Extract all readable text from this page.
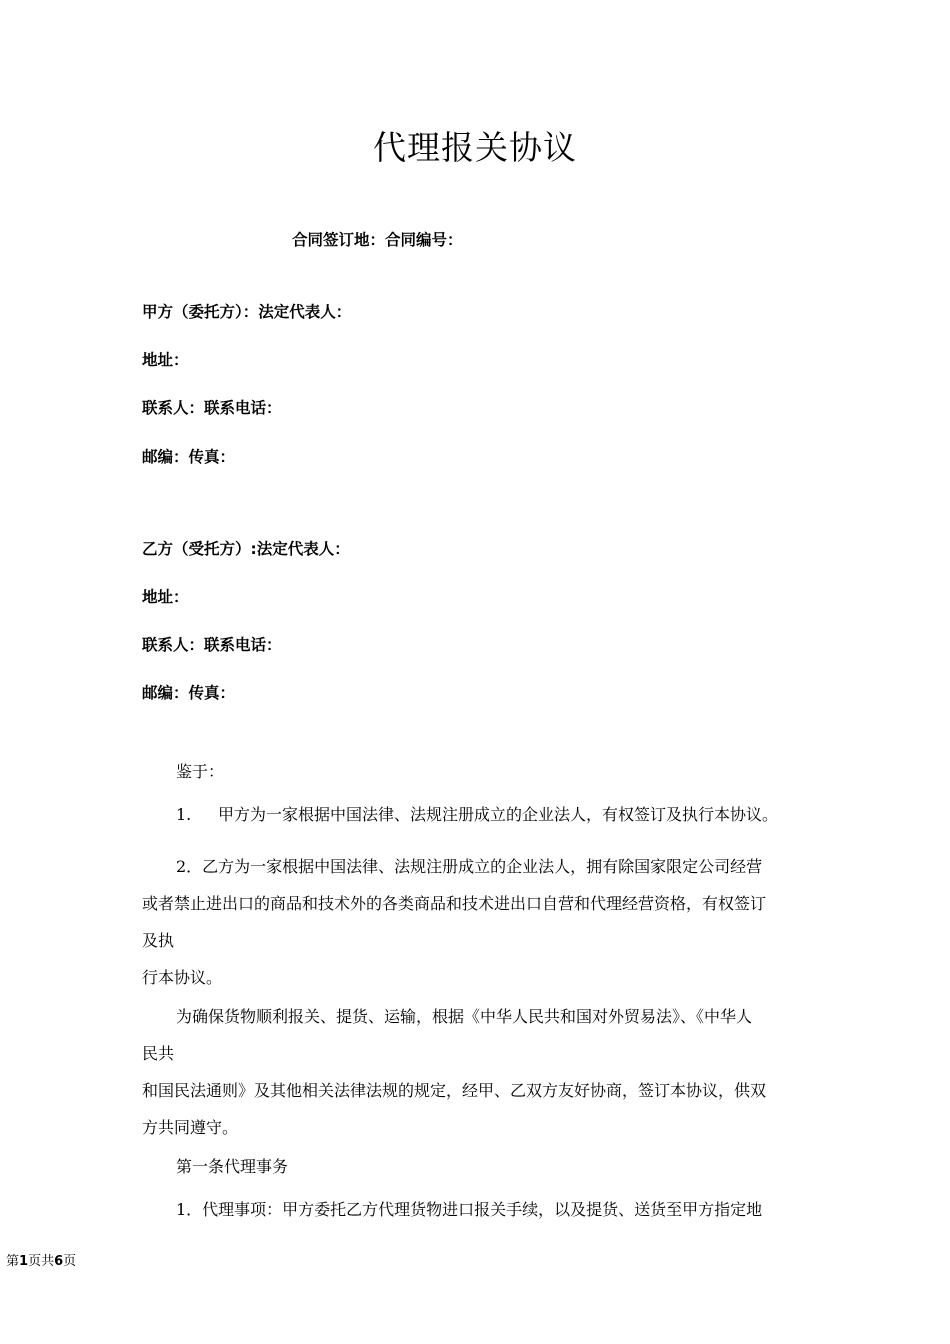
代理报关协议
合同签订地：合同编号：
甲方（委托方）：法定代表人：
地址：
联系人：联系电话：
邮编：传真：
乙方（受托方）:法定代表人：
地址：
联系人：联系电话：
邮编：传真：
鉴于：
1. 甲方为一家根据中国法律、法规注册成立的企业法人，有权签订及执行本协议。
2．乙方为一家根据中国法律、法规注册成立的企业法人，拥有除国家限定公司经营
或者禁止进出口的商品和技术外的各类商品和技术进出口自营和代理经营资格，有权签订
及执
行本协议。
为确保货物顺利报关、提货、运输，根据《中华人民共和国对外贸易法》、《中华人
民共
和国民法通则》及其他相关法律法规的规定，经甲、乙双方友好协商，签订本协议，供双
方共同遵守。
第一条代理事务
1．代理事项：甲方委托乙方代理货物进口报关手续，以及提货、送货至甲方指定地
第1页共6页
